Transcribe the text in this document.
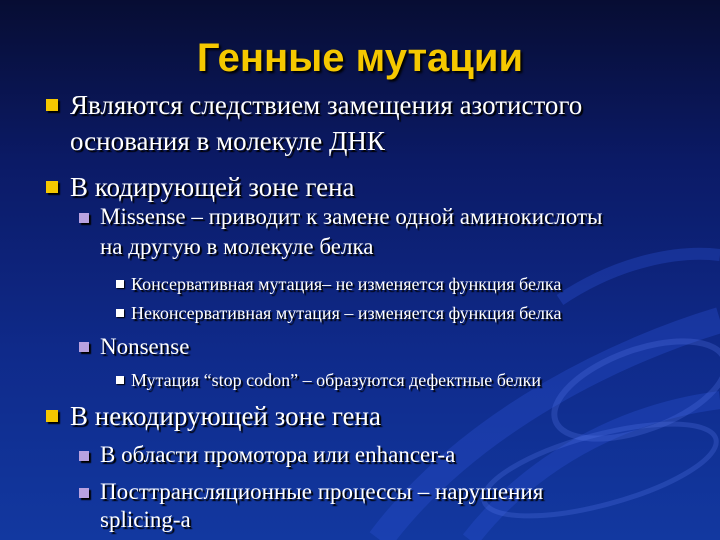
Генные мутации
Являются следствием замещения азотистого
основания в молекуле ДНК
В кодирующей зоне гена
Missense – приводит к замене одной аминокислоты
на другую в молекуле белка
Консервативная мутация– не изменяется функция белка
Неконсервативная мутация – изменяется функция белка
Nonsense
Мутация “stop codon” – образуются дефектные белки
В некодирующей зоне гена
В области промотора или enhancer-а
Посттрансляционные процессы – нарушения
splicing-а
